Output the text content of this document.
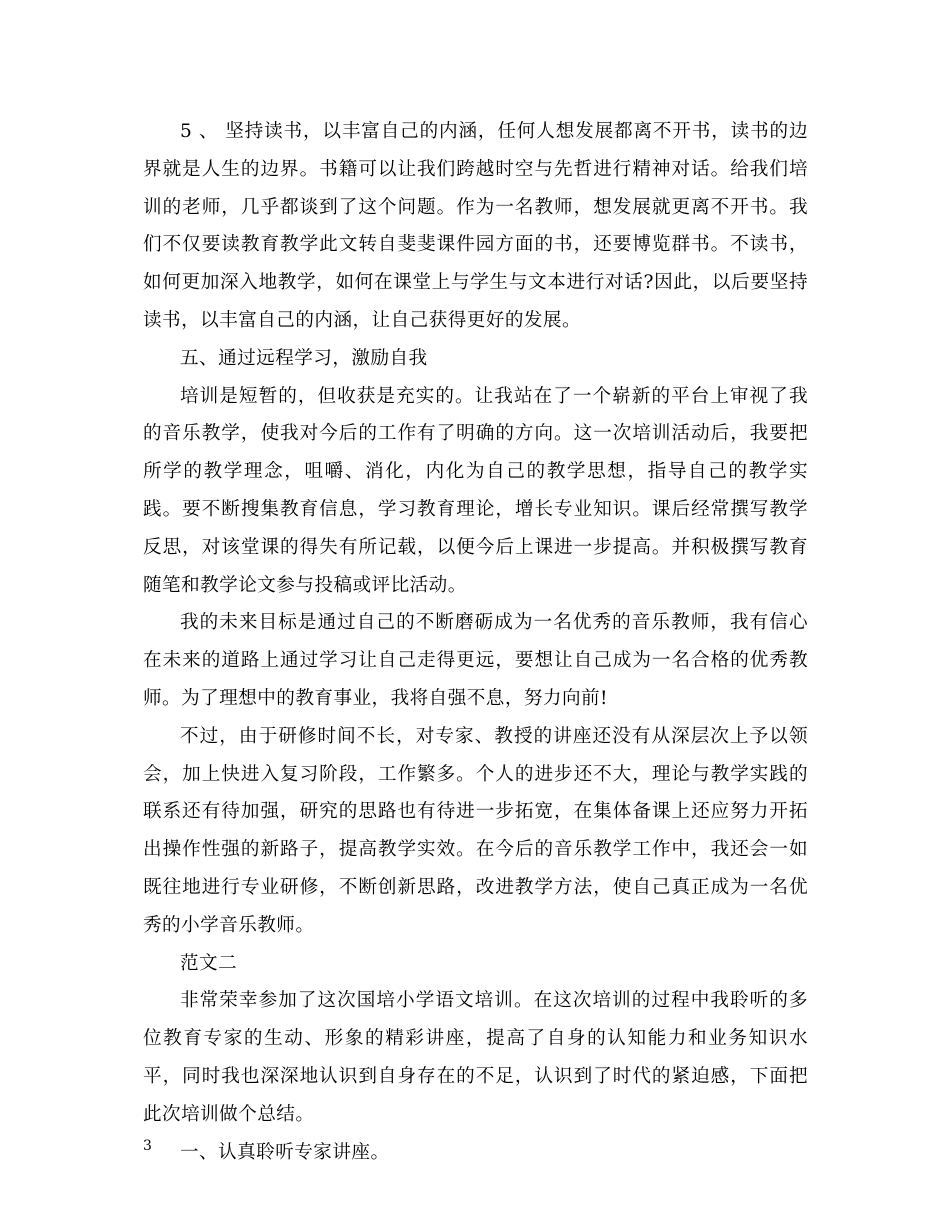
5 、 坚持读书，以丰富自己的内涵，任何人想发展都离不开书，读书的边界就是人生的边界。书籍可以让我们跨越时空与先哲进行精神对话。给我们培训的老师，几乎都谈到了这个问题。作为一名教师，想发展就更离不开书。我们不仅要读教育教学此文转自斐斐课件园方面的书，还要博览群书。不读书，如何更加深入地教学，如何在课堂上与学生与文本进行对话?因此，以后要坚持读书，以丰富自己的内涵，让自己获得更好的发展。

五、通过远程学习，激励自我

培训是短暂的，但收获是充实的。让我站在了一个崭新的平台上审视了我的音乐教学，使我对今后的工作有了明确的方向。这一次培训活动后，我要把所学的教学理念，咀嚼、消化，内化为自己的教学思想，指导自己的教学实践。要不断搜集教育信息，学习教育理论，增长专业知识。课后经常撰写教学反思，对该堂课的得失有所记载，以便今后上课进一步提高。并积极撰写教育随笔和教学论文参与投稿或评比活动。

我的未来目标是通过自己的不断磨砺成为一名优秀的音乐教师，我有信心在未来的道路上通过学习让自己走得更远，要想让自己成为一名合格的优秀教师。为了理想中的教育事业，我将自强不息，努力向前!

不过，由于研修时间不长，对专家、教授的讲座还没有从深层次上予以领会，加上快进入复习阶段，工作繁多。个人的进步还不大，理论与教学实践的联系还有待加强，研究的思路也有待进一步拓宽，在集体备课上还应努力开拓出操作性强的新路子，提高教学实效。在今后的音乐教学工作中，我还会一如既往地进行专业研修，不断创新思路，改进教学方法，使自己真正成为一名优秀的小学音乐教师。

范文二

非常荣幸参加了这次国培小学语文培训。在这次培训的过程中我聆听的多位教育专家的生动、形象的精彩讲座，提高了自身的认知能力和业务知识水平，同时我也深深地认识到自身存在的不足，认识到了时代的紧迫感，下面把此次培训做个总结。

一、认真聆听专家讲座。

3
